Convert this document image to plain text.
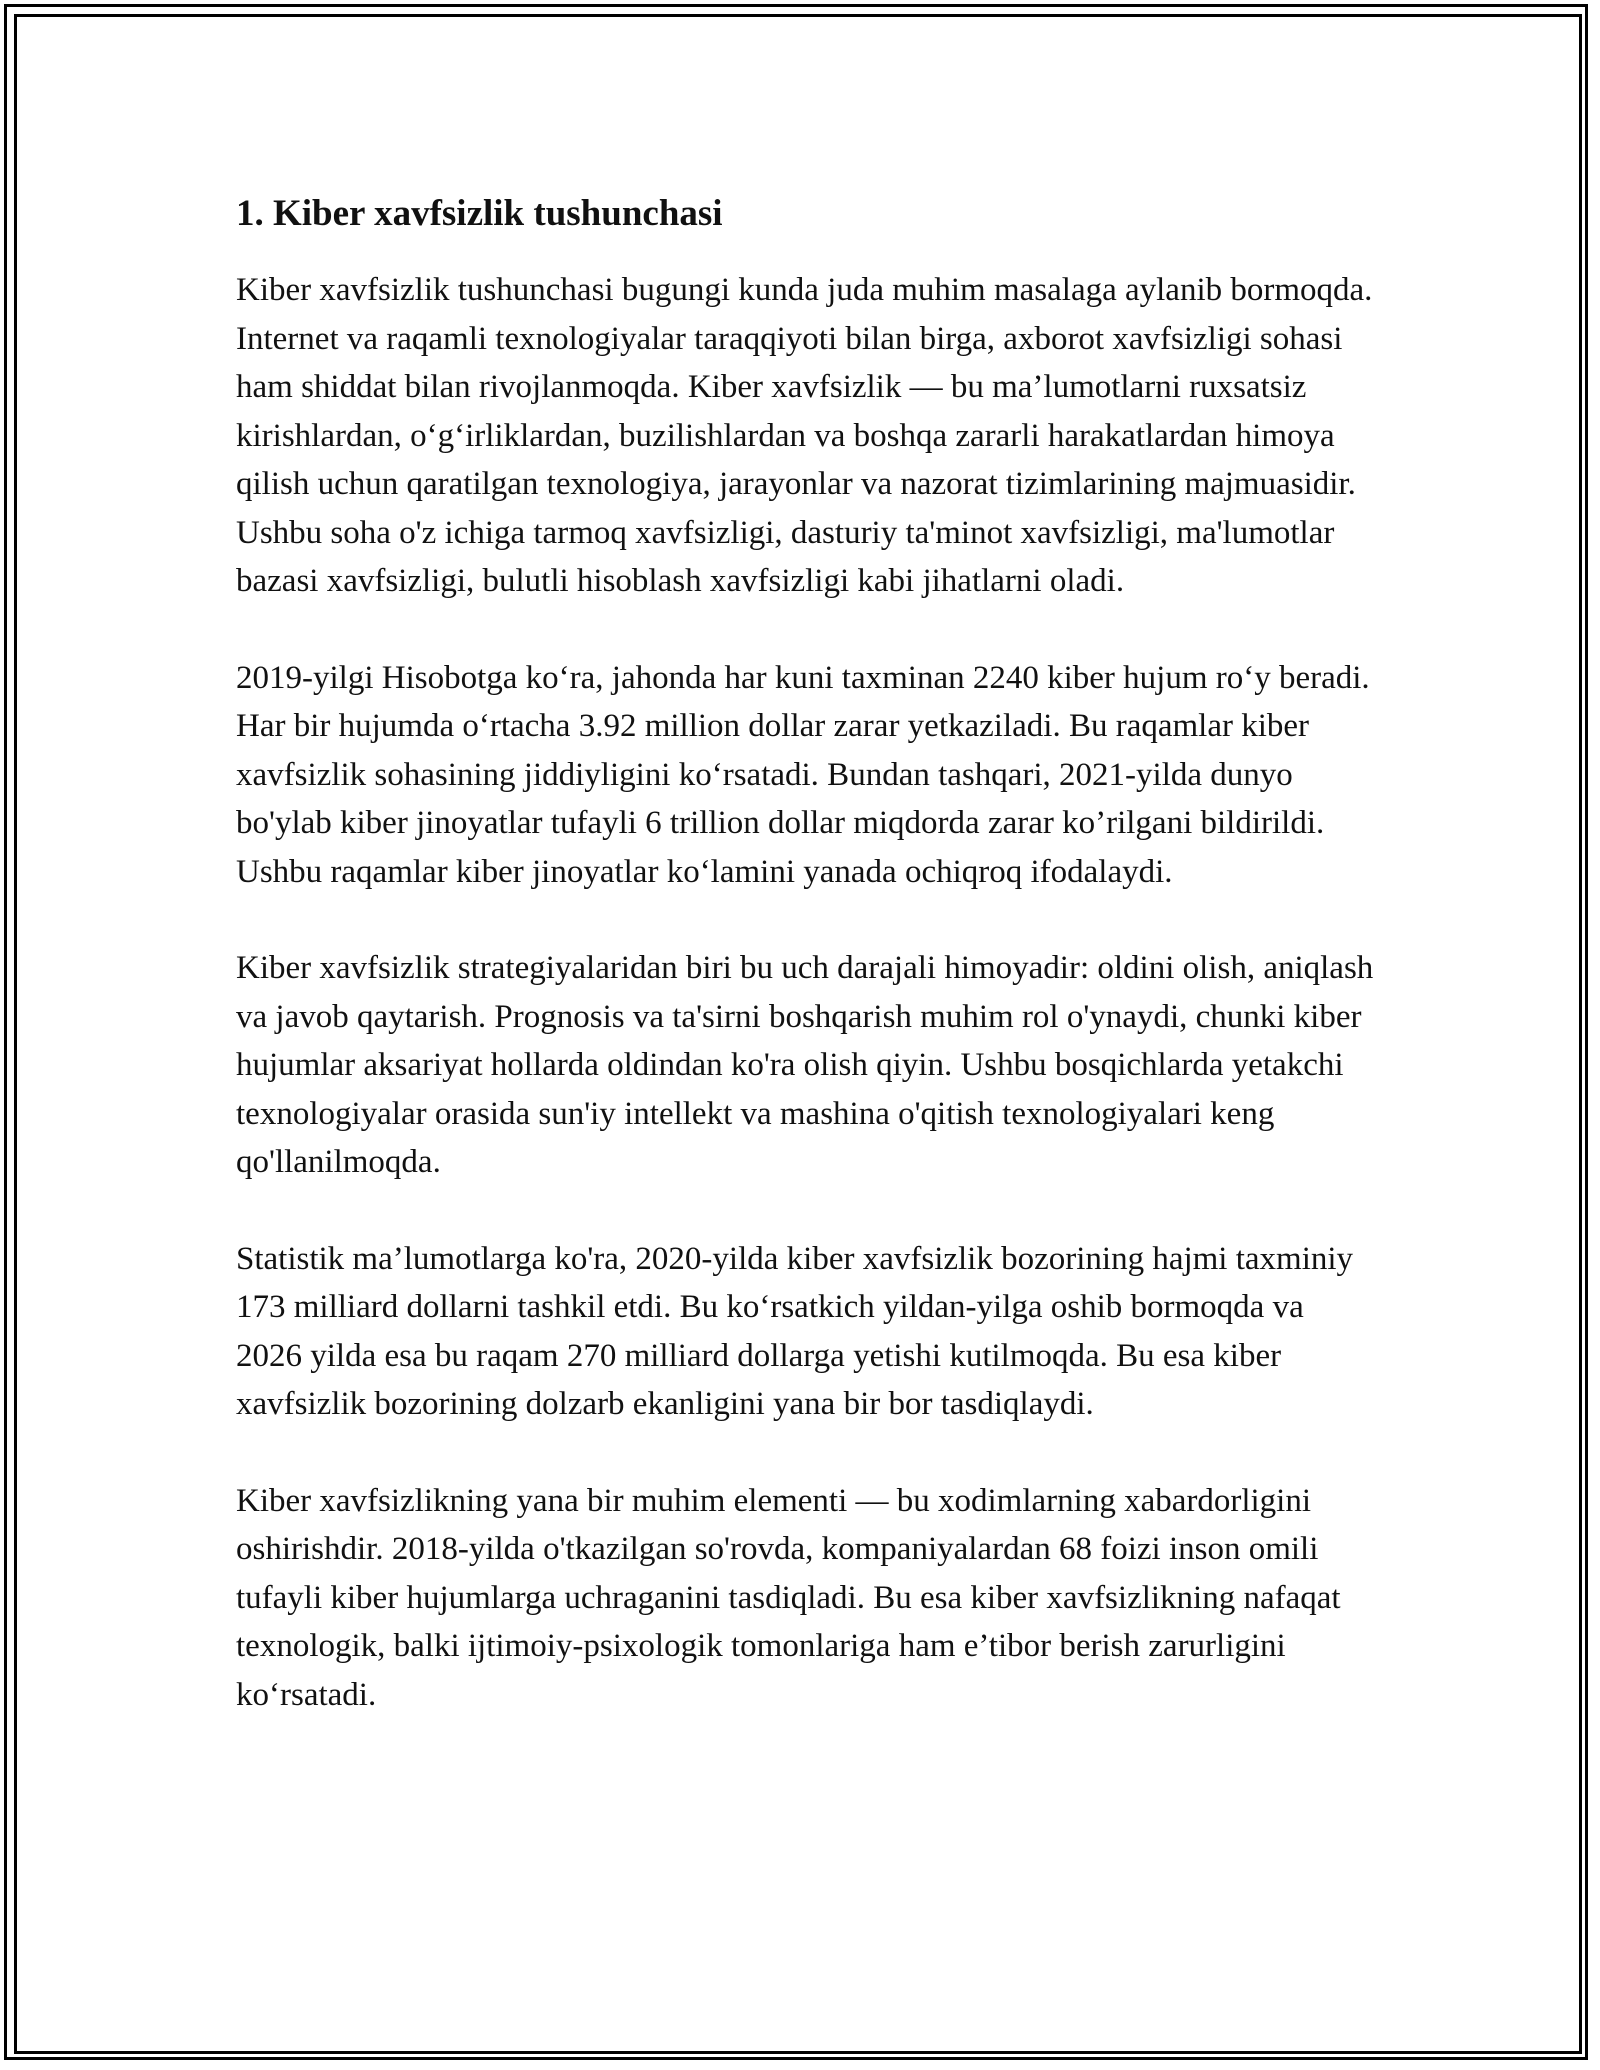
1. Kiber xavfsizlik tushunchasi

Kiber xavfsizlik tushunchasi bugungi kunda juda muhim masalaga aylanib bormoqda. Internet va raqamli texnologiyalar taraqqiyoti bilan birga, axborot xavfsizligi sohasi ham shiddat bilan rivojlanmoqda. Kiber xavfsizlik — bu ma’lumotlarni ruxsatsiz kirishlardan, o‘g‘irliklardan, buzilishlardan va boshqa zararli harakatlardan himoya qilish uchun qaratilgan texnologiya, jarayonlar va nazorat tizimlarining majmuasidir. Ushbu soha o'z ichiga tarmoq xavfsizligi, dasturiy ta'minot xavfsizligi, ma'lumotlar bazasi xavfsizligi, bulutli hisoblash xavfsizligi kabi jihatlarni oladi.

2019-yilgi Hisobotga ko‘ra, jahonda har kuni taxminan 2240 kiber hujum ro‘y beradi. Har bir hujumda o‘rtacha 3.92 million dollar zarar yetkaziladi. Bu raqamlar kiber xavfsizlik sohasining jiddiyligini ko‘rsatadi. Bundan tashqari, 2021-yilda dunyo bo'ylab kiber jinoyatlar tufayli 6 trillion dollar miqdorda zarar ko’rilgani bildirildi. Ushbu raqamlar kiber jinoyatlar ko‘lamini yanada ochiqroq ifodalaydi.

Kiber xavfsizlik strategiyalaridan biri bu uch darajali himoyadir: oldini olish, aniqlash va javob qaytarish. Prognosis va ta'sirni boshqarish muhim rol o'ynaydi, chunki kiber hujumlar aksariyat hollarda oldindan ko'ra olish qiyin. Ushbu bosqichlarda yetakchi texnologiyalar orasida sun'iy intellekt va mashina o'qitish texnologiyalari keng qo'llanilmoqda.

Statistik ma’lumotlarga ko'ra, 2020-yilda kiber xavfsizlik bozorining hajmi taxminiy 173 milliard dollarni tashkil etdi. Bu ko‘rsatkich yildan-yilga oshib bormoqda va 2026 yilda esa bu raqam 270 milliard dollarga yetishi kutilmoqda. Bu esa kiber xavfsizlik bozorining dolzarb ekanligini yana bir bor tasdiqlaydi.

Kiber xavfsizlikning yana bir muhim elementi — bu xodimlarning xabardorligini oshirishdir. 2018-yilda o'tkazilgan so'rovda, kompaniyalardan 68 foizi inson omili tufayli kiber hujumlarga uchraganini tasdiqladi. Bu esa kiber xavfsizlikning nafaqat texnologik, balki ijtimoiy-psixologik tomonlariga ham e’tibor berish zarurligini ko‘rsatadi.
